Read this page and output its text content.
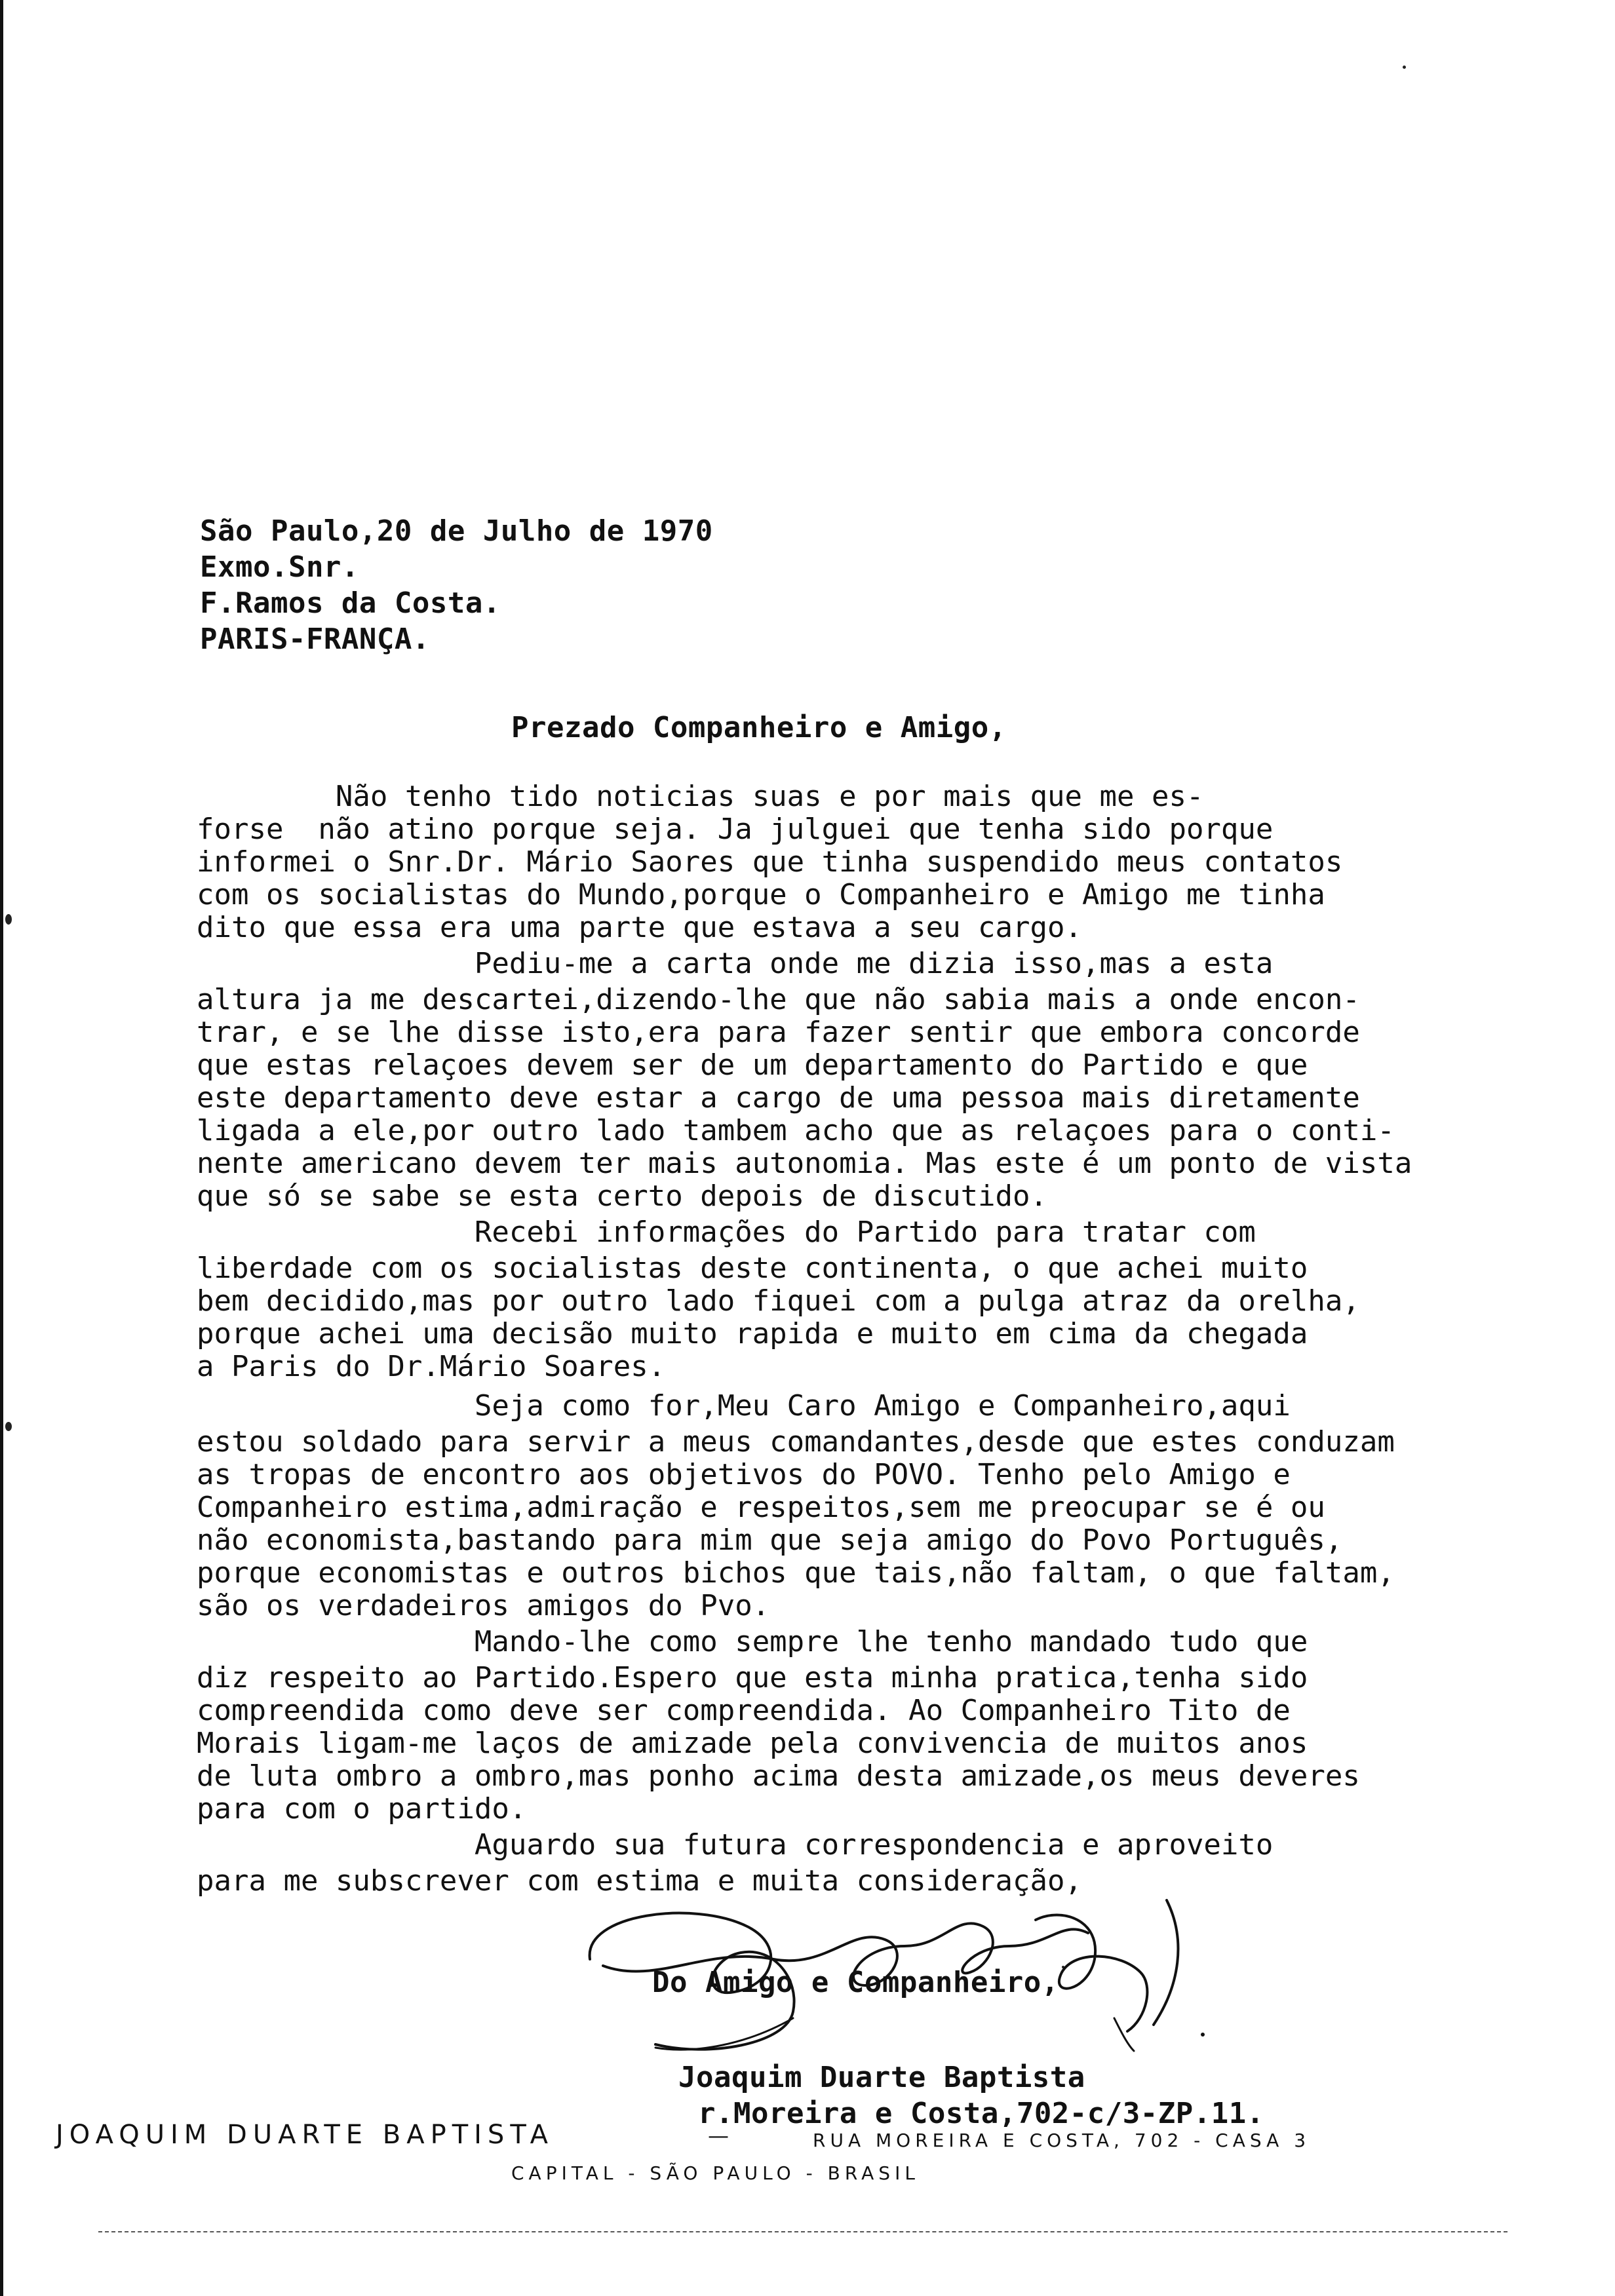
São Paulo,20 de Julho de 1970
Exmo.Snr.
F.Ramos da Costa.
PARIS-FRANÇA.
Prezado Companheiro e Amigo,
Não tenho tido noticias suas e por mais que me es-
forse  não atino porque seja. Ja julguei que tenha sido porque
informei o Snr.Dr. Mário Saores que tinha suspendido meus contatos
com os socialistas do Mundo,porque o Companheiro e Amigo me tinha
dito que essa era uma parte que estava a seu cargo.
Pediu-me a carta onde me dizia isso,mas a esta
altura ja me descartei,dizendo-lhe que não sabia mais a onde encon-
trar, e se lhe disse isto,era para fazer sentir que embora concorde
que estas relaçoes devem ser de um departamento do Partido e que
este departamento deve estar a cargo de uma pessoa mais diretamente
ligada a ele,por outro lado tambem acho que as relaçoes para o conti-
nente americano devem ter mais autonomia. Mas este é um ponto de vista
que só se sabe se esta certo depois de discutido.
Recebi informações do Partido para tratar com
liberdade com os socialistas deste continenta, o que achei muito
bem decidido,mas por outro lado fiquei com a pulga atraz da orelha,
porque achei uma decisão muito rapida e muito em cima da chegada
a Paris do Dr.Mário Soares.
Seja como for,Meu Caro Amigo e Companheiro,aqui
estou soldado para servir a meus comandantes,desde que estes conduzam
as tropas de encontro aos objetivos do POVO. Tenho pelo Amigo e
Companheiro estima,admiração e respeitos,sem me preocupar se é ou
não economista,bastando para mim que seja amigo do Povo Português,
porque economistas e outros bichos que tais,não faltam, o que faltam,
são os verdadeiros amigos do Pvo.
Mando-lhe como sempre lhe tenho mandado tudo que
diz respeito ao Partido.Espero que esta minha pratica,tenha sido
compreendida como deve ser compreendida. Ao Companheiro Tito de
Morais ligam-me laços de amizade pela convivencia de muitos anos
de luta ombro a ombro,mas ponho acima desta amizade,os meus deveres
para com o partido.
Aguardo sua futura correspondencia e aproveito
para me subscrever com estima e muita consideração,
Do Amigo e Companheiro,
Joaquim Duarte Baptista
r.Moreira e Costa,702-c/3-ZP.11.
JOAQUIM DUARTE BAPTISTA	—	RUA MOREIRA E COSTA, 702 - CASA 3
CAPITAL - SÃO PAULO - BRASIL
